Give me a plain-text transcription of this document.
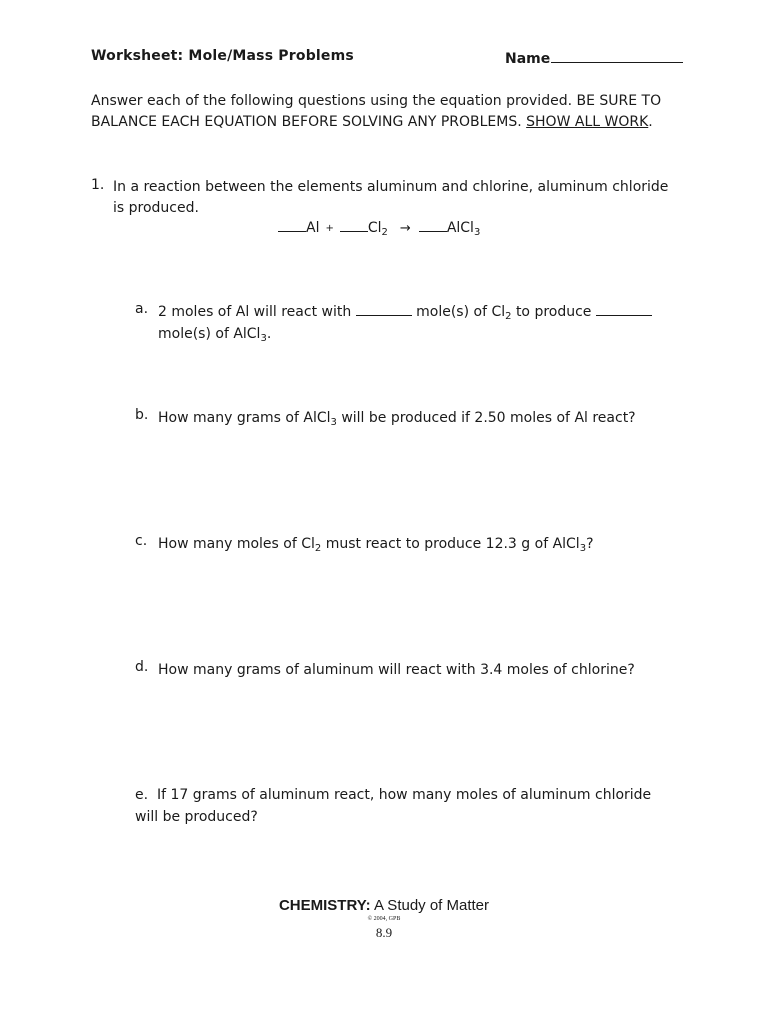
Worksheet: Mole/Mass Problems	Name
Answer each of the following questions using the equation provided. BE SURE TO BALANCE EACH EQUATION BEFORE SOLVING ANY PROBLEMS. SHOW ALL WORK.
1. In a reaction between the elements aluminum and chlorine, aluminum chloride is produced.
$Al + Cl_2$ →	AlCl$_3$
a. 2 moles of Al will react with	mole(s) of $Cl_2$ to produce  mole(s) of AlCl$_3$.
b. How many grams of AlCl$_3$ will be produced if 2.50 moles of Al react?
c. How many moles of $Cl_2$ must react to produce 12.3 g of AlCl$_3$?
d. How many grams of aluminum will react with 3.4 moles of chlorine?
e. If 17 grams of aluminum react, how many moles of aluminum chloride will be produced?
CHEMISTRY: A Study of Matter
© 2004, GPB
8.9
